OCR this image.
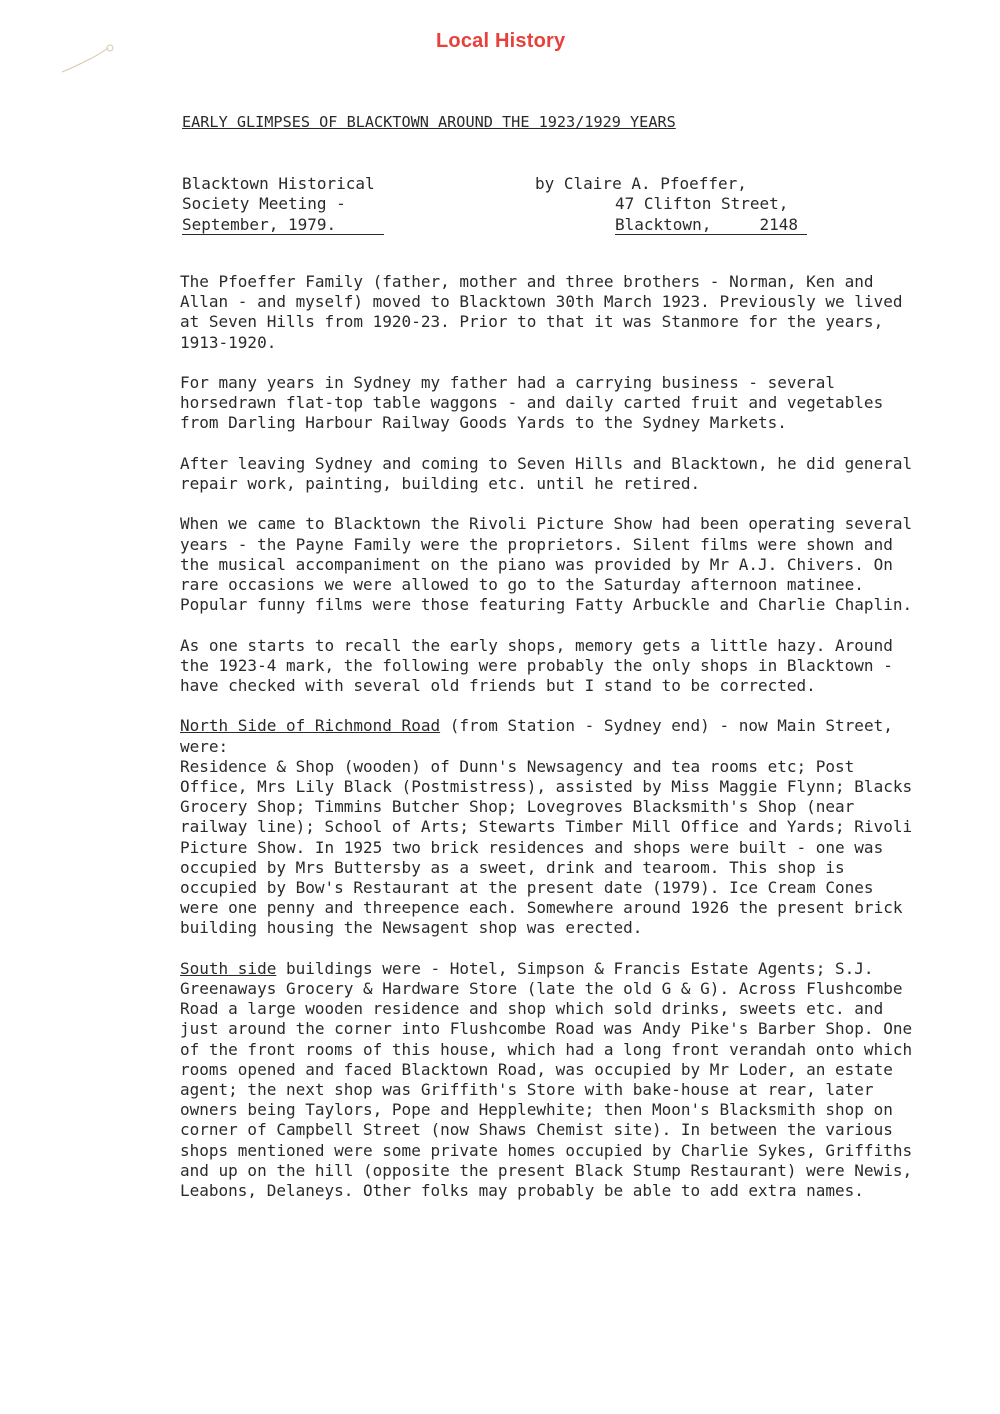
Local History
EARLY GLIMPSES OF BLACKTOWN AROUND THE 1923/1929 YEARS
Blacktown Historical
Society Meeting -
September, 1979.
by Claire A. Pfoeffer,
47 Clifton Street,
Blacktown,     2148

The Pfoeffer Family (father, mother and three brothers - Norman, Ken and
Allan - and myself) moved to Blacktown 30th March 1923. Previously we lived
at Seven Hills from 1920-23. Prior to that it was Stanmore for the years,
1913-1920.

For many years in Sydney my father had a carrying business - several
horsedrawn flat-top table waggons - and daily carted fruit and vegetables
from Darling Harbour Railway Goods Yards to the Sydney Markets.

After leaving Sydney and coming to Seven Hills and Blacktown, he did general
repair work, painting, building etc. until he retired.

When we came to Blacktown the Rivoli Picture Show had been operating several
years - the Payne Family were the proprietors. Silent films were shown and
the musical accompaniment on the piano was provided by Mr A.J. Chivers. On
rare occasions we were allowed to go to the Saturday afternoon matinee.
Popular funny films were those featuring Fatty Arbuckle and Charlie Chaplin.

As one starts to recall the early shops, memory gets a little hazy. Around
the 1923-4 mark, the following were probably the only shops in Blacktown -
have checked with several old friends but I stand to be corrected.

North Side of Richmond Road (from Station - Sydney end) - now Main Street,
were:
Residence & Shop (wooden) of Dunn's Newsagency and tea rooms etc; Post
Office, Mrs Lily Black (Postmistress), assisted by Miss Maggie Flynn; Blacks
Grocery Shop; Timmins Butcher Shop; Lovegroves Blacksmith's Shop (near
railway line); School of Arts; Stewarts Timber Mill Office and Yards; Rivoli
Picture Show. In 1925 two brick residences and shops were built - one was
occupied by Mrs Buttersby as a sweet, drink and tearoom. This shop is
occupied by Bow's Restaurant at the present date (1979). Ice Cream Cones
were one penny and threepence each. Somewhere around 1926 the present brick
building housing the Newsagent shop was erected.

South side buildings were - Hotel, Simpson & Francis Estate Agents; S.J.
Greenaways Grocery & Hardware Store (late the old G & G). Across Flushcombe
Road a large wooden residence and shop which sold drinks, sweets etc. and
just around the corner into Flushcombe Road was Andy Pike's Barber Shop. One
of the front rooms of this house, which had a long front verandah onto which
rooms opened and faced Blacktown Road, was occupied by Mr Loder, an estate
agent; the next shop was Griffith's Store with bake-house at rear, later
owners being Taylors, Pope and Hepplewhite; then Moon's Blacksmith shop on
corner of Campbell Street (now Shaws Chemist site). In between the various
shops mentioned were some private homes occupied by Charlie Sykes, Griffiths
and up on the hill (opposite the present Black Stump Restaurant) were Newis,
Leabons, Delaneys. Other folks may probably be able to add extra names.
